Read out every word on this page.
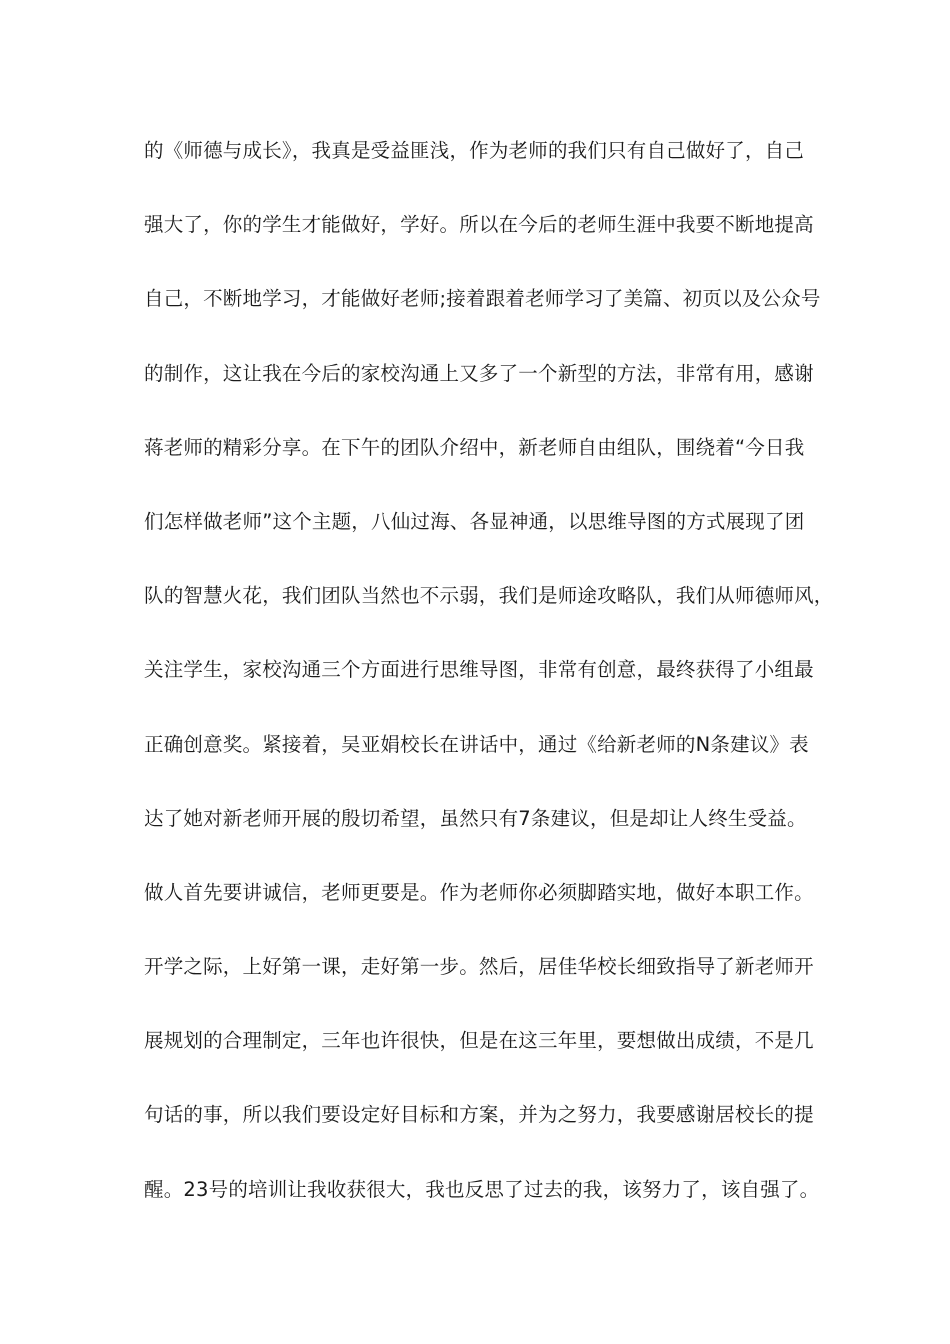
的《师德与成长》，我真是受益匪浅，作为老师的我们只有自己做好了，自己
强大了，你的学生才能做好，学好。所以在今后的老师生涯中我要不断地提高
自己，不断地学习，才能做好老师;接着跟着老师学习了美篇、初页以及公众号
的制作，这让我在今后的家校沟通上又多了一个新型的方法，非常有用，感谢
蒋老师的精彩分享。在下午的团队介绍中，新老师自由组队，围绕着“今日我
们怎样做老师”这个主题，八仙过海、各显神通，以思维导图的方式展现了团
队的智慧火花，我们团队当然也不示弱，我们是师途攻略队，我们从师德师风，
关注学生，家校沟通三个方面进行思维导图，非常有创意，最终获得了小组最
正确创意奖。紧接着，吴亚娟校长在讲话中，通过《给新老师的N条建议》表
达了她对新老师开展的殷切希望，虽然只有7条建议，但是却让人终生受益。
做人首先要讲诚信，老师更要是。作为老师你必须脚踏实地，做好本职工作。
开学之际，上好第一课，走好第一步。然后，居佳华校长细致指导了新老师开
展规划的合理制定，三年也许很快，但是在这三年里，要想做出成绩，不是几
句话的事，所以我们要设定好目标和方案，并为之努力，我要感谢居校长的提
醒。23号的培训让我收获很大，我也反思了过去的我，该努力了，该自强了。
